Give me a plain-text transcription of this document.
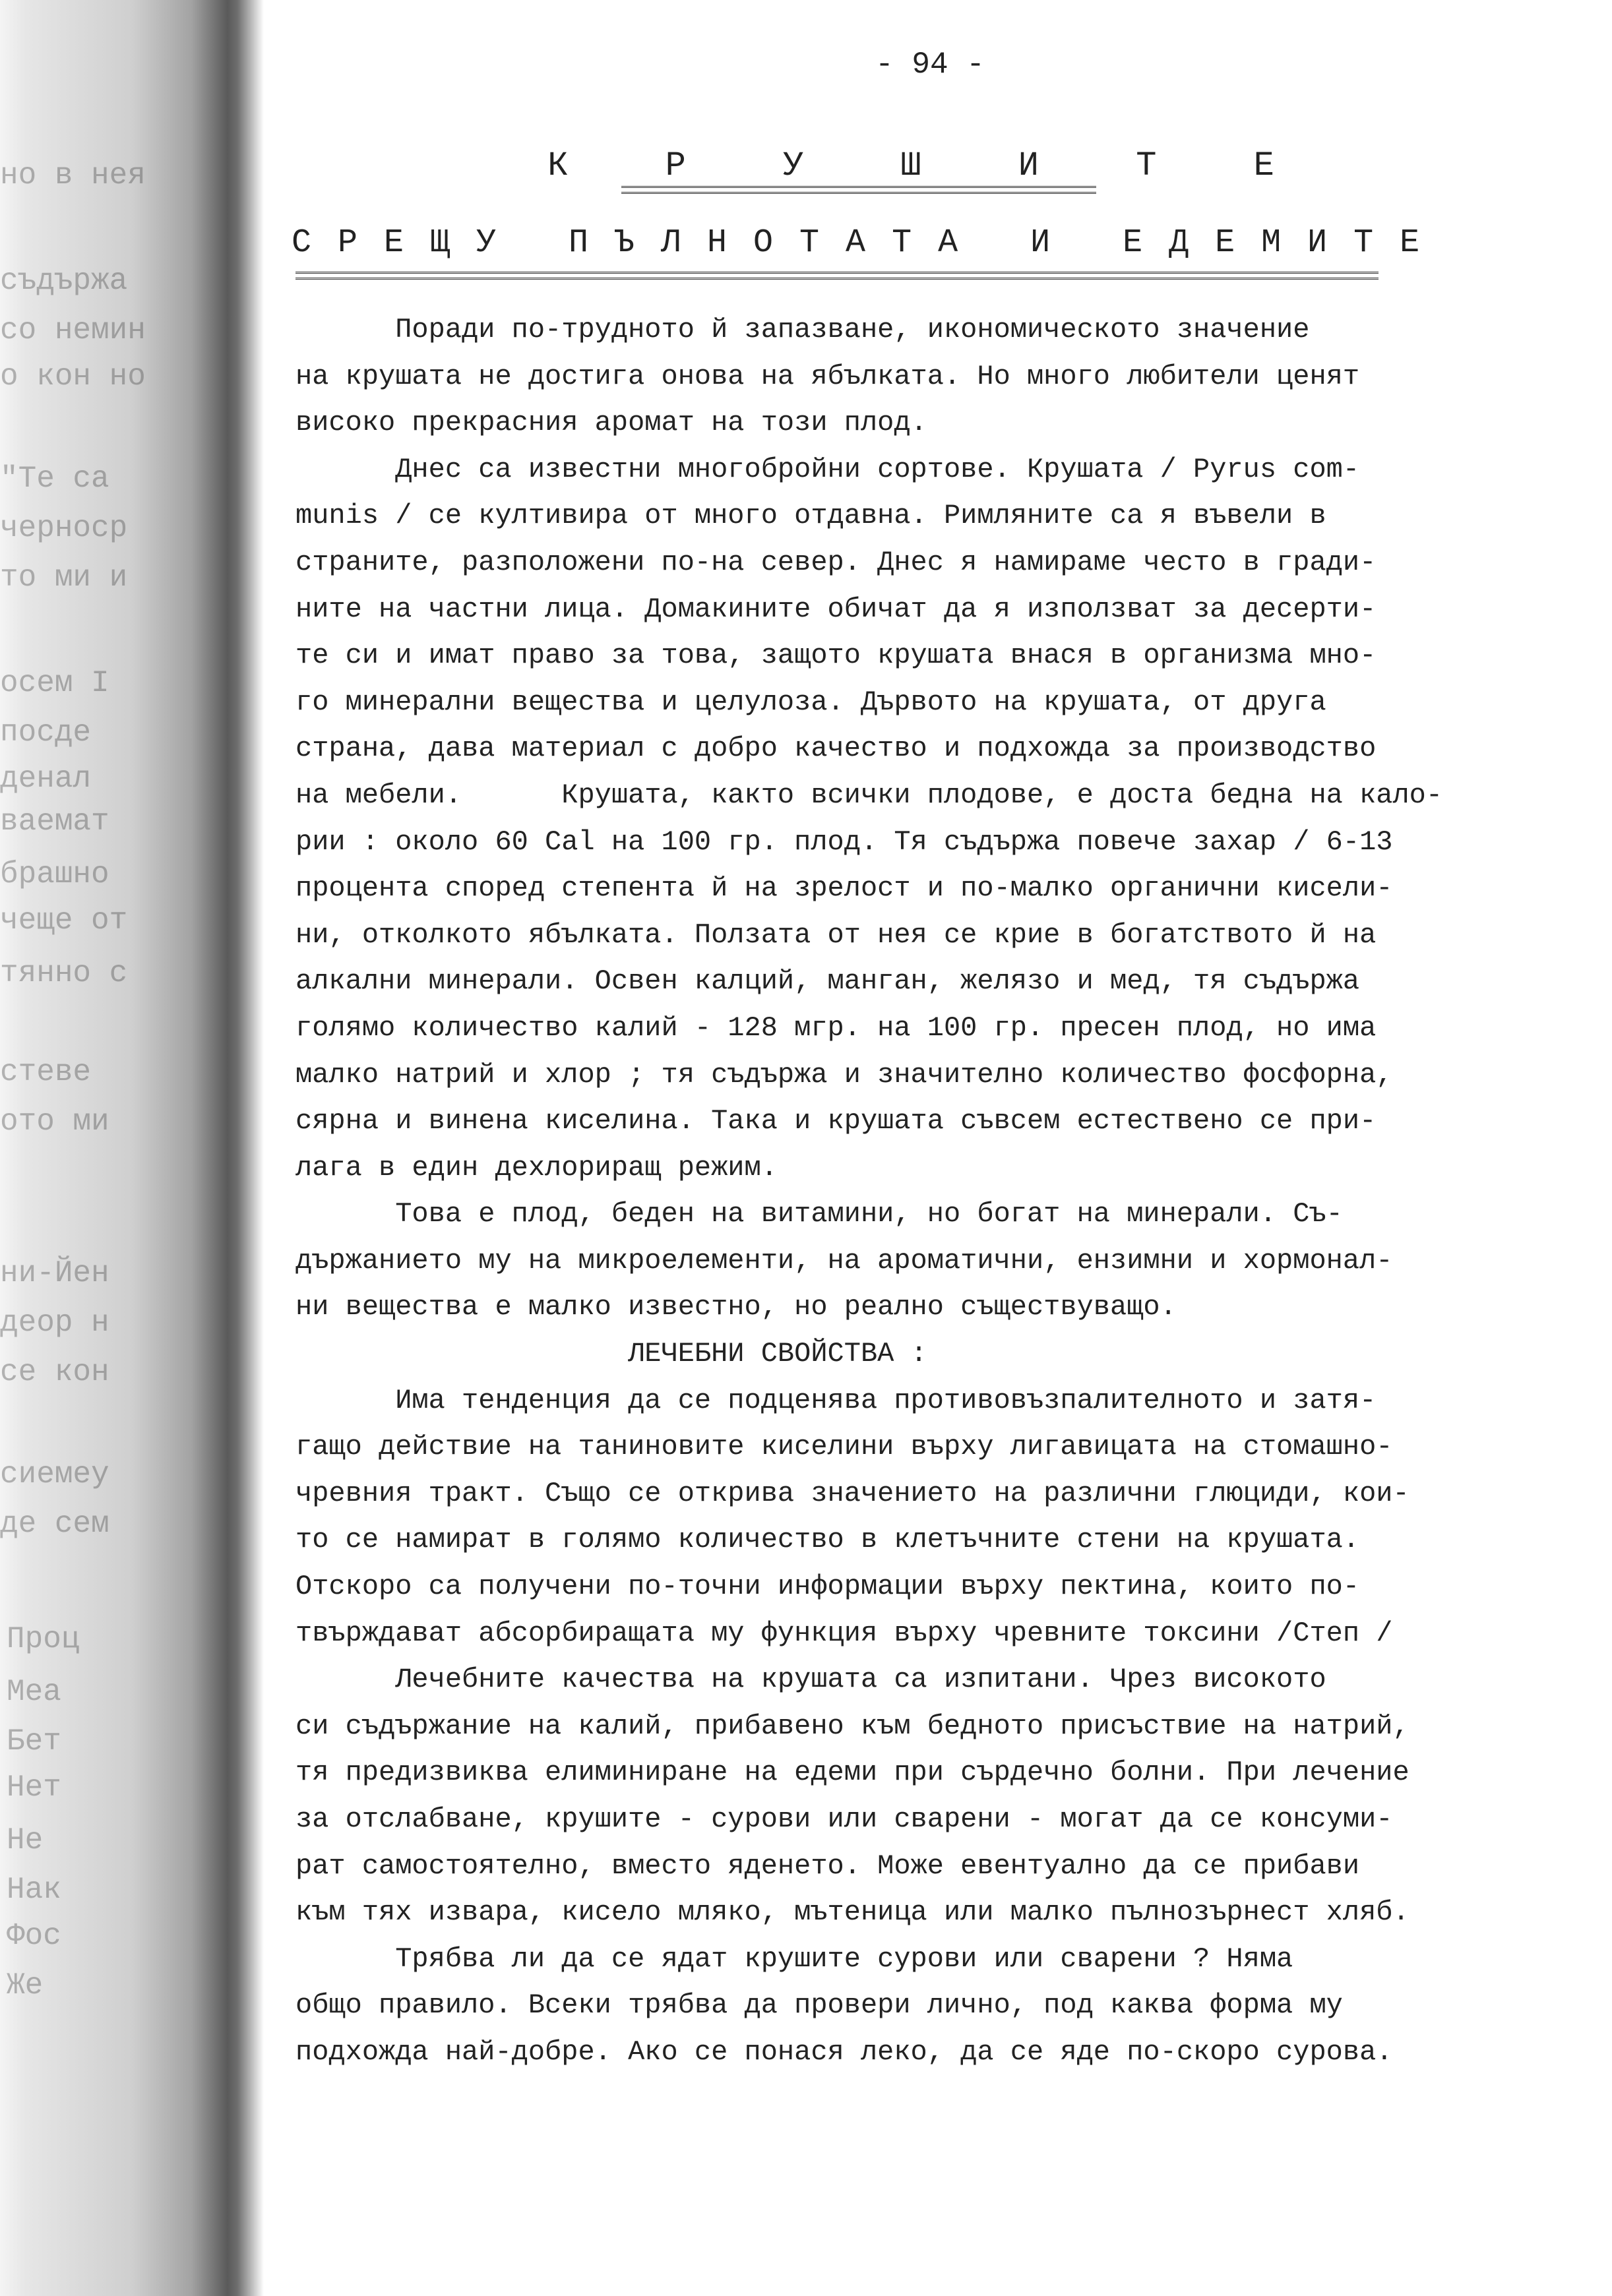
но в нея
съдържа
со немин
о кон но
"Те са
черноср
то ми и
осем І
посде
денал
ваемат
брашно
чеще от
тянно с
стеве
ото ми
ни-Йен
деор н
се кон
сиемеу
де сем
Проц
Меа
Бет
Нет
Не
Нак
Фос
Же
- 94 -
К Р У Ш И Т Е
СРЕЩУ ПЪЛНОТАТА И ЕДЕМИТЕ

Поради по-трудното й запазване, икономическото значение

на крушата не достига онова на ябълката. Но много любители ценят

високо прекрасния аромат на този плод.

Днес са известни многобройни сортове. Крушата / Рyrus com-

munis / се култивира от много отдавна. Римляните са я въвели в

страните, разположени по-на север. Днес я намираме често в гради-

ните на частни лица. Домакините обичат да я използват за десерти-

те си и имат право за това, защото крушата внася в организма мно-

го минерални вещества и целулоза. Дървото на крушата, от друга

страна, дава материал с добро качество и подхожда за производство

на мебели.      Крушата, както всички плодове, е доста бедна на кало-

рии : около 60 Cal на 100 гр. плод. Тя съдържа повече захар / 6-13

процента според степента й на зрелост и по-малко органични кисели-

ни, отколкото ябълката. Ползата от нея се крие в богатството й на

алкални минерали. Освен калций, манган, желязо и мед, тя съдържа

голямо количество калий - 128 мгр. на 100 гр. пресен плод, но има

малко натрий и хлор ; тя съдържа и значително количество фосфорна,

сярна и винена киселина. Така и крушата съвсем естествено се при-

лага в един дехлориращ режим.

Това е плод, беден на витамини, но богат на минерали. Съ-

държанието му на микроелементи, на ароматични, ензимни и хормонал-

ни вещества е малко известно, но реално съществуващо.

ЛЕЧЕБНИ СВОЙСТВА :

Има тенденция да се подценява противовъзпалителното и затя-

гащо действие на таниновите киселини върху лигавицата на стомашно-

чревния тракт. Също се открива значението на различни глюциди, кои-

то се намират в голямо количество в клетъчните стени на крушата.

Отскоро са получени по-точни информации върху пектина, които по-

твърждават абсорбиращата му функция върху чревните токсини /Степ /

Лечебните качества на крушата са изпитани. Чрез високото

си съдържание на калий, прибавено към бедното присъствие на натрий,

тя предизвиква елиминиране на едеми при сърдечно болни. При лечение

за отслабване, крушите - сурови или сварени - могат да се консуми-

рат самостоятелно, вместо яденето. Може евентуално да се прибави

към тях извара, кисело мляко, мътеница или малко пълнозърнест хляб.

Трябва ли да се ядат крушите сурови или сварени ? Няма

общо правило. Всеки трябва да провери лично, под каква форма му

подхожда най-добре. Ако се понася леко, да се яде по-скоро сурова.
